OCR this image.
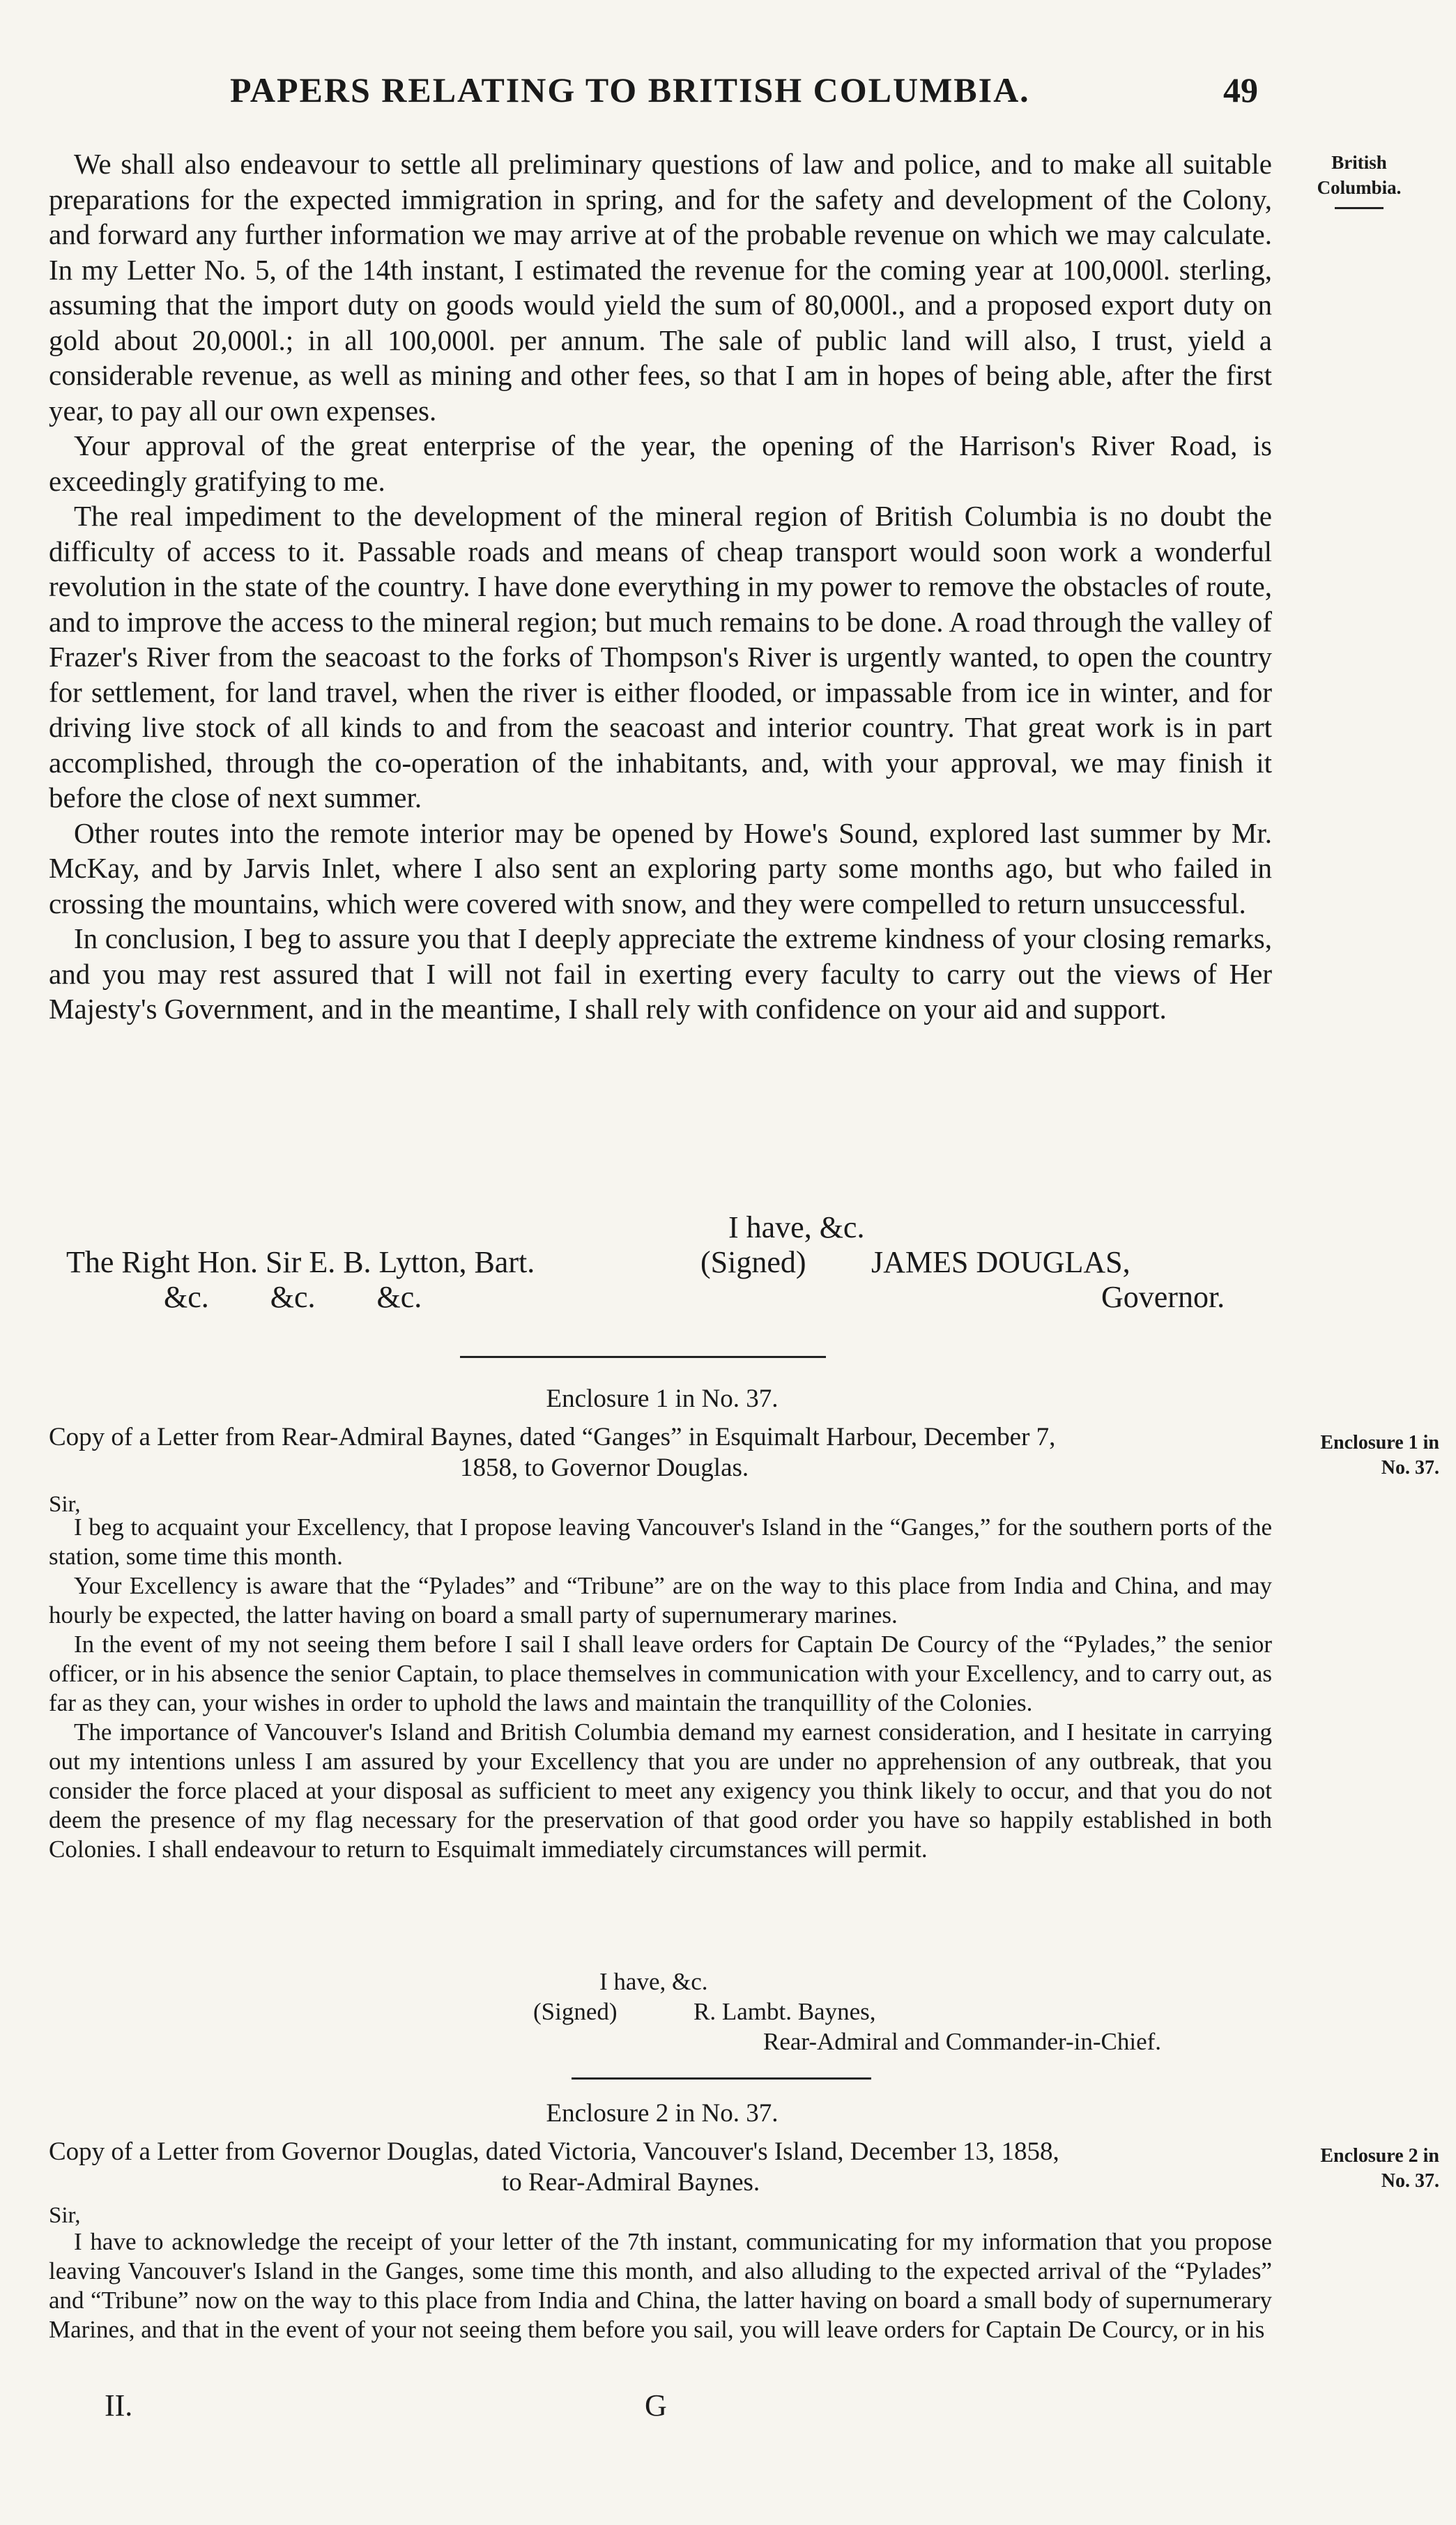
PAPERS RELATING TO BRITISH COLUMBIA.	49
British
Columbia.

We shall also endeavour to settle all preliminary questions of law and police, and to make all suitable preparations for the expected immigration in spring, and for the safety and development of the Colony, and forward any further information we may arrive at of the probable revenue on which we may calculate. In my Letter No. 5, of the 14th instant, I estimated the revenue for the coming year at 100,000l. sterling, assuming that the import duty on goods would yield the sum of 80,000l., and a proposed export duty on gold about 20,000l.; in all 100,000l. per annum. The sale of public land will also, I trust, yield a considerable revenue, as well as mining and other fees, so that I am in hopes of being able, after the first year, to pay all our own expenses.

Your approval of the great enterprise of the year, the opening of the Harrison's River Road, is exceedingly gratifying to me.

The real impediment to the development of the mineral region of British Columbia is no doubt the difficulty of access to it. Passable roads and means of cheap transport would soon work a wonderful revolution in the state of the country. I have done everything in my power to remove the obstacles of route, and to improve the access to the mineral region; but much remains to be done. A road through the valley of Frazer's River from the seacoast to the forks of Thompson's River is urgently wanted, to open the country for settlement, for land travel, when the river is either flooded, or impassable from ice in winter, and for driving live stock of all kinds to and from the seacoast and interior country. That great work is in part accomplished, through the co-operation of the inhabitants, and, with your approval, we may finish it before the close of next summer.

Other routes into the remote interior may be opened by Howe's Sound, explored last summer by Mr. McKay, and by Jarvis Inlet, where I also sent an exploring party some months ago, but who failed in crossing the mountains, which were covered with snow, and they were compelled to return unsuccessful.

In conclusion, I beg to assure you that I deeply appreciate the extreme kindness of your closing remarks, and you may rest assured that I will not fail in exerting every faculty to carry out the views of Her Majesty's Government, and in the meantime, I shall rely with confidence on your aid and support.

I have, &c.
The Right Hon. Sir E. B. Lytton, Bart.
&c.        &c.        &c.
(Signed) JAMES DOUGLAS,
Governor.
Enclosure 1 in No. 37.
Copy of a Letter from Rear-Admiral Baynes, dated “Ganges” in Esquimalt Harbour, December 7,
1858, to Governor Douglas.
Enclosure 1 in
No. 37.
Sir,

I beg to acquaint your Excellency, that I propose leaving Vancouver's Island in the “Ganges,” for the southern ports of the station, some time this month.

Your Excellency is aware that the “Pylades” and “Tribune” are on the way to this place from India and China, and may hourly be expected, the latter having on board a small party of supernumerary marines.

In the event of my not seeing them before I sail I shall leave orders for Captain De Courcy of the “Pylades,” the senior officer, or in his absence the senior Captain, to place themselves in communication with your Excellency, and to carry out, as far as they can, your wishes in order to uphold the laws and maintain the tranquillity of the Colonies.

The importance of Vancouver's Island and British Columbia demand my earnest consideration, and I hesitate in carrying out my intentions unless I am assured by your Excellency that you are under no apprehension of any outbreak, that you consider the force placed at your disposal as sufficient to meet any exigency you think likely to occur, and that you do not deem the presence of my flag necessary for the preservation of that good order you have so happily established in both Colonies. I shall endeavour to return to Esquimalt immediately circumstances will permit.

I have, &c.
(Signed)	R. Lambt. Baynes,
Rear-Admiral and Commander-in-Chief.
Enclosure 2 in No. 37.
Copy of a Letter from Governor Douglas, dated Victoria, Vancouver's Island, December 13, 1858,
to Rear-Admiral Baynes.
Enclosure 2 in
No. 37.
Sir,

I have to acknowledge the receipt of your letter of the 7th instant, communicating for my information that you propose leaving Vancouver's Island in the Ganges, some time this month, and also alluding to the expected arrival of the “Pylades” and “Tribune” now on the way to this place from India and China, the latter having on board a small body of supernumerary Marines, and that in the event of your not seeing them before you sail, you will leave orders for Captain De Courcy, or in his

II.	G
